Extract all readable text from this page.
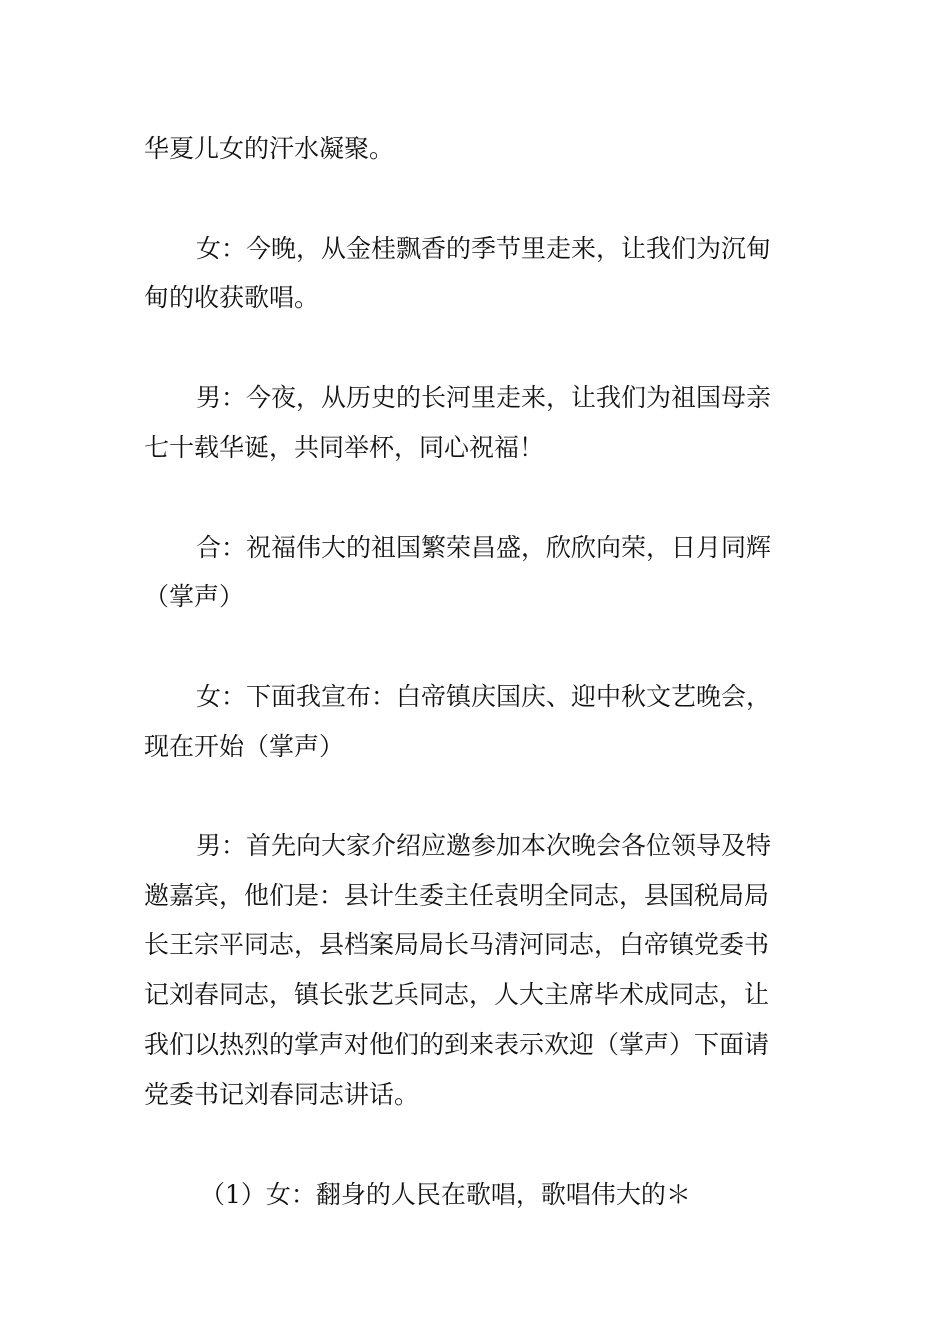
华夏儿女的汗水凝聚。
女：今晚，从金桂飘香的季节里走来，让我们为沉甸
甸的收获歌唱。
男：今夜，从历史的长河里走来，让我们为祖国母亲
七十载华诞，共同举杯，同心祝福！
合：祝福伟大的祖国繁荣昌盛，欣欣向荣，日月同辉
（掌声）
女：下面我宣布：白帝镇庆国庆、迎中秋文艺晚会，
现在开始（掌声）
男：首先向大家介绍应邀参加本次晚会各位领导及特
邀嘉宾，他们是：县计生委主任袁明全同志，县国税局局
长王宗平同志，县档案局局长马清河同志，白帝镇党委书
记刘春同志，镇长张艺兵同志，人大主席毕术成同志，让
我们以热烈的掌声对他们的到来表示欢迎（掌声）下面请
党委书记刘春同志讲话。
（1）女：翻身的人民在歌唱，歌唱伟大的＊
